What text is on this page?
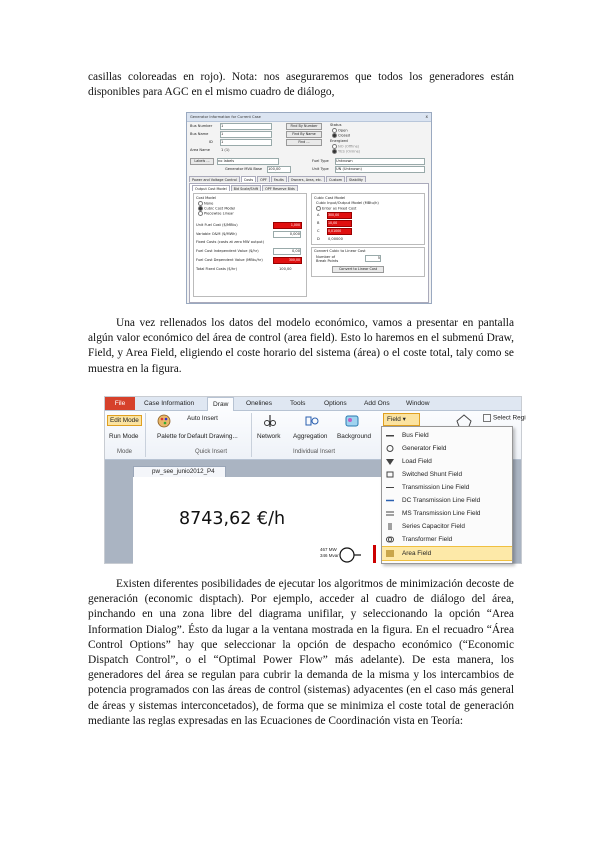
casillas coloreadas en rojo). Nota: nos aseguraremos que todos los generadores están disponibles para AGC en el mismo cuadro de diálogo,

Generator Information for Current Case	X
Bus Number 1	Find By Number
Bus Name	1	Find By Name
ID 1	Find ...
Area Name	1 (1)
Status
Open
Closed
Energized
NO (Offline)
YES (Online)
Labels ...	no labels
Generator MVA Base 100,00
Fuel Type Unknown
Unit Type UN (Unknown)
Power and Voltage Control	Costs	OPF	Faults	Owners, Area, etc.	Custom	Stability
Output Cost Model	Bid Scale/Shift	OPF Reserve Bids
Cost Model
None
Cubic Cost Model
Piecewise Linear
Unit Fuel Cost ($/MBtu)	1,000
Variable O&M ($/MWh)	0,000
Fixed Costs (costs at zero MW output)
Fuel Cost Independent Value ($/hr)	0,00
Fuel Cost Dependent Value (MBtu/hr)	300,00
Total Fixed Costs ($/hr)	100,00
Cubic Cost Model
Cubic Input/Output Model (MBtu/h)
Enter as Fixed Cost
A	300,00
B	10,00
C	0,01000
D 0,00000
Convert Cubic to Linear Cost
Number of Break Points
5
Convert to Linear Cost

Una vez rellenados los datos del modelo económico, vamos a presentar en pantalla algún valor económico del área de control (area field). Esto lo haremos en el submenú Draw, Field, y Area Field, eligiendo el coste horario del sistema (área) o el coste total, taly como se muestra en la figura.

File	Case Information	Draw	Onelines	Tools	Options	Add Ons	Window
Edit Mode
Run Mode
Mode
Palette for
Auto Insert
Default Drawing...
Quick Insert
Network Aggregation Background
Individual Insert
Select Regi
pw_see_junio2012_P4
8743,62 €/h
467 MW
346 Mvar
Field ▾
Bus Field
Generator Field
Load Field
Switched Shunt Field
Transmission Line Field
DC Transmission Line Field
MS Transmission Line Field
Series Capacitor Field
Transformer Field
Area Field

Existen diferentes posibilidades de ejecutar los algoritmos de minimización decoste de generación (economic disptach). Por ejemplo, acceder al cuadro de diálogo del área, pinchando en una zona libre del diagrama unifilar, y seleccionando la opción “Area Information Dialog”. Ésto da lugar a la ventana mostrada en la figura. En el recuadro “Área Control Options” hay que seleccionar la opción de despacho económico (“Economic Dispatch Control”, o el “Optimal Power Flow” más adelante). De esta manera, los generadores del área se regulan para cubrir la demanda de la misma y los intercambios de potencia programados con las áreas de control (sistemas) adyacentes (en el caso más general de áreas y sistemas interconcetados), de forma que se minimiza el coste total de generación mediante las reglas expresadas en las Ecuaciones de Coordinación vista en Teoría:
